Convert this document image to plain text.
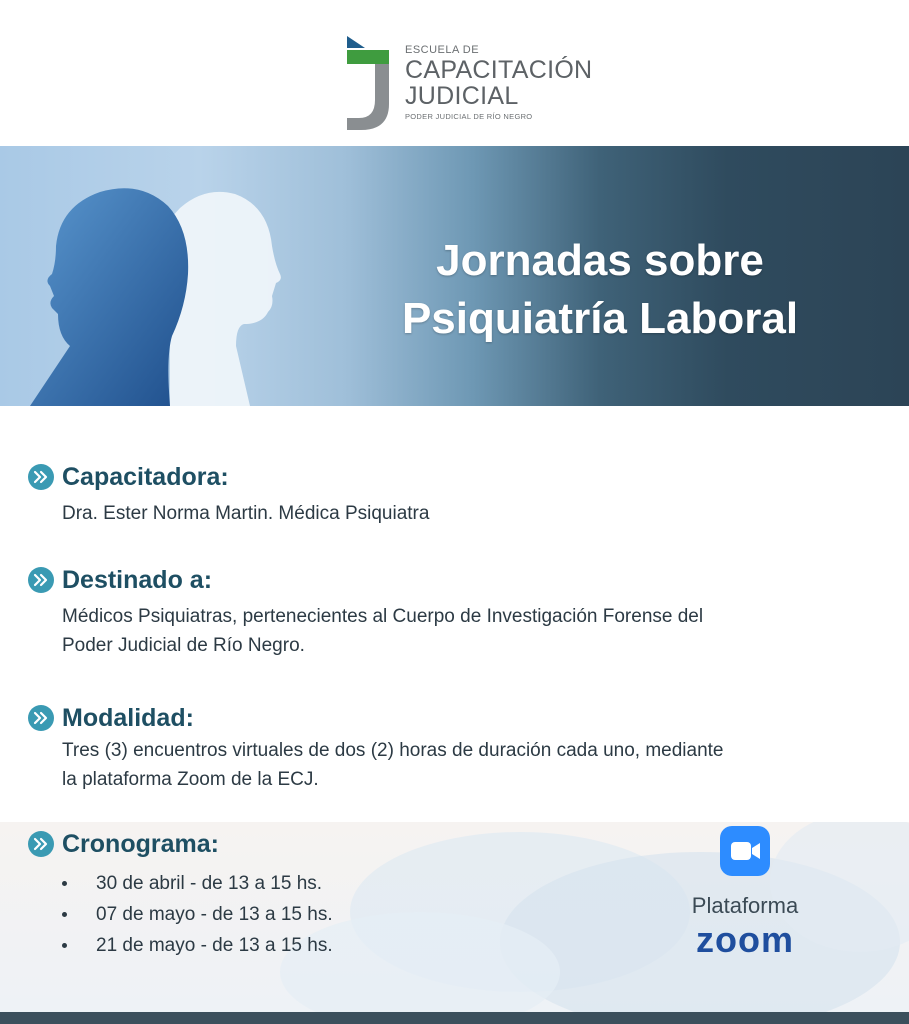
ESCUELA DE
CAPACITACIÓN
JUDICIAL
PODER JUDICIAL DE RÍO NEGRO
Jornadas sobre
Psiquiatría Laboral
Capacitadora:
Dra. Ester Norma Martin. Médica Psiquiatra
Destinado a:
Médicos Psiquiatras, pertenecientes al Cuerpo de Investigación Forense del
Poder Judicial de Río Negro.
Modalidad:
Tres (3) encuentros virtuales de dos (2) horas de duración cada uno, mediante
la plataforma Zoom de la ECJ.
Cronograma:
30 de abril - de 13 a 15 hs.
07 de mayo - de 13 a 15 hs.
21 de mayo - de 13 a 15 hs.
Plataforma
zoom
